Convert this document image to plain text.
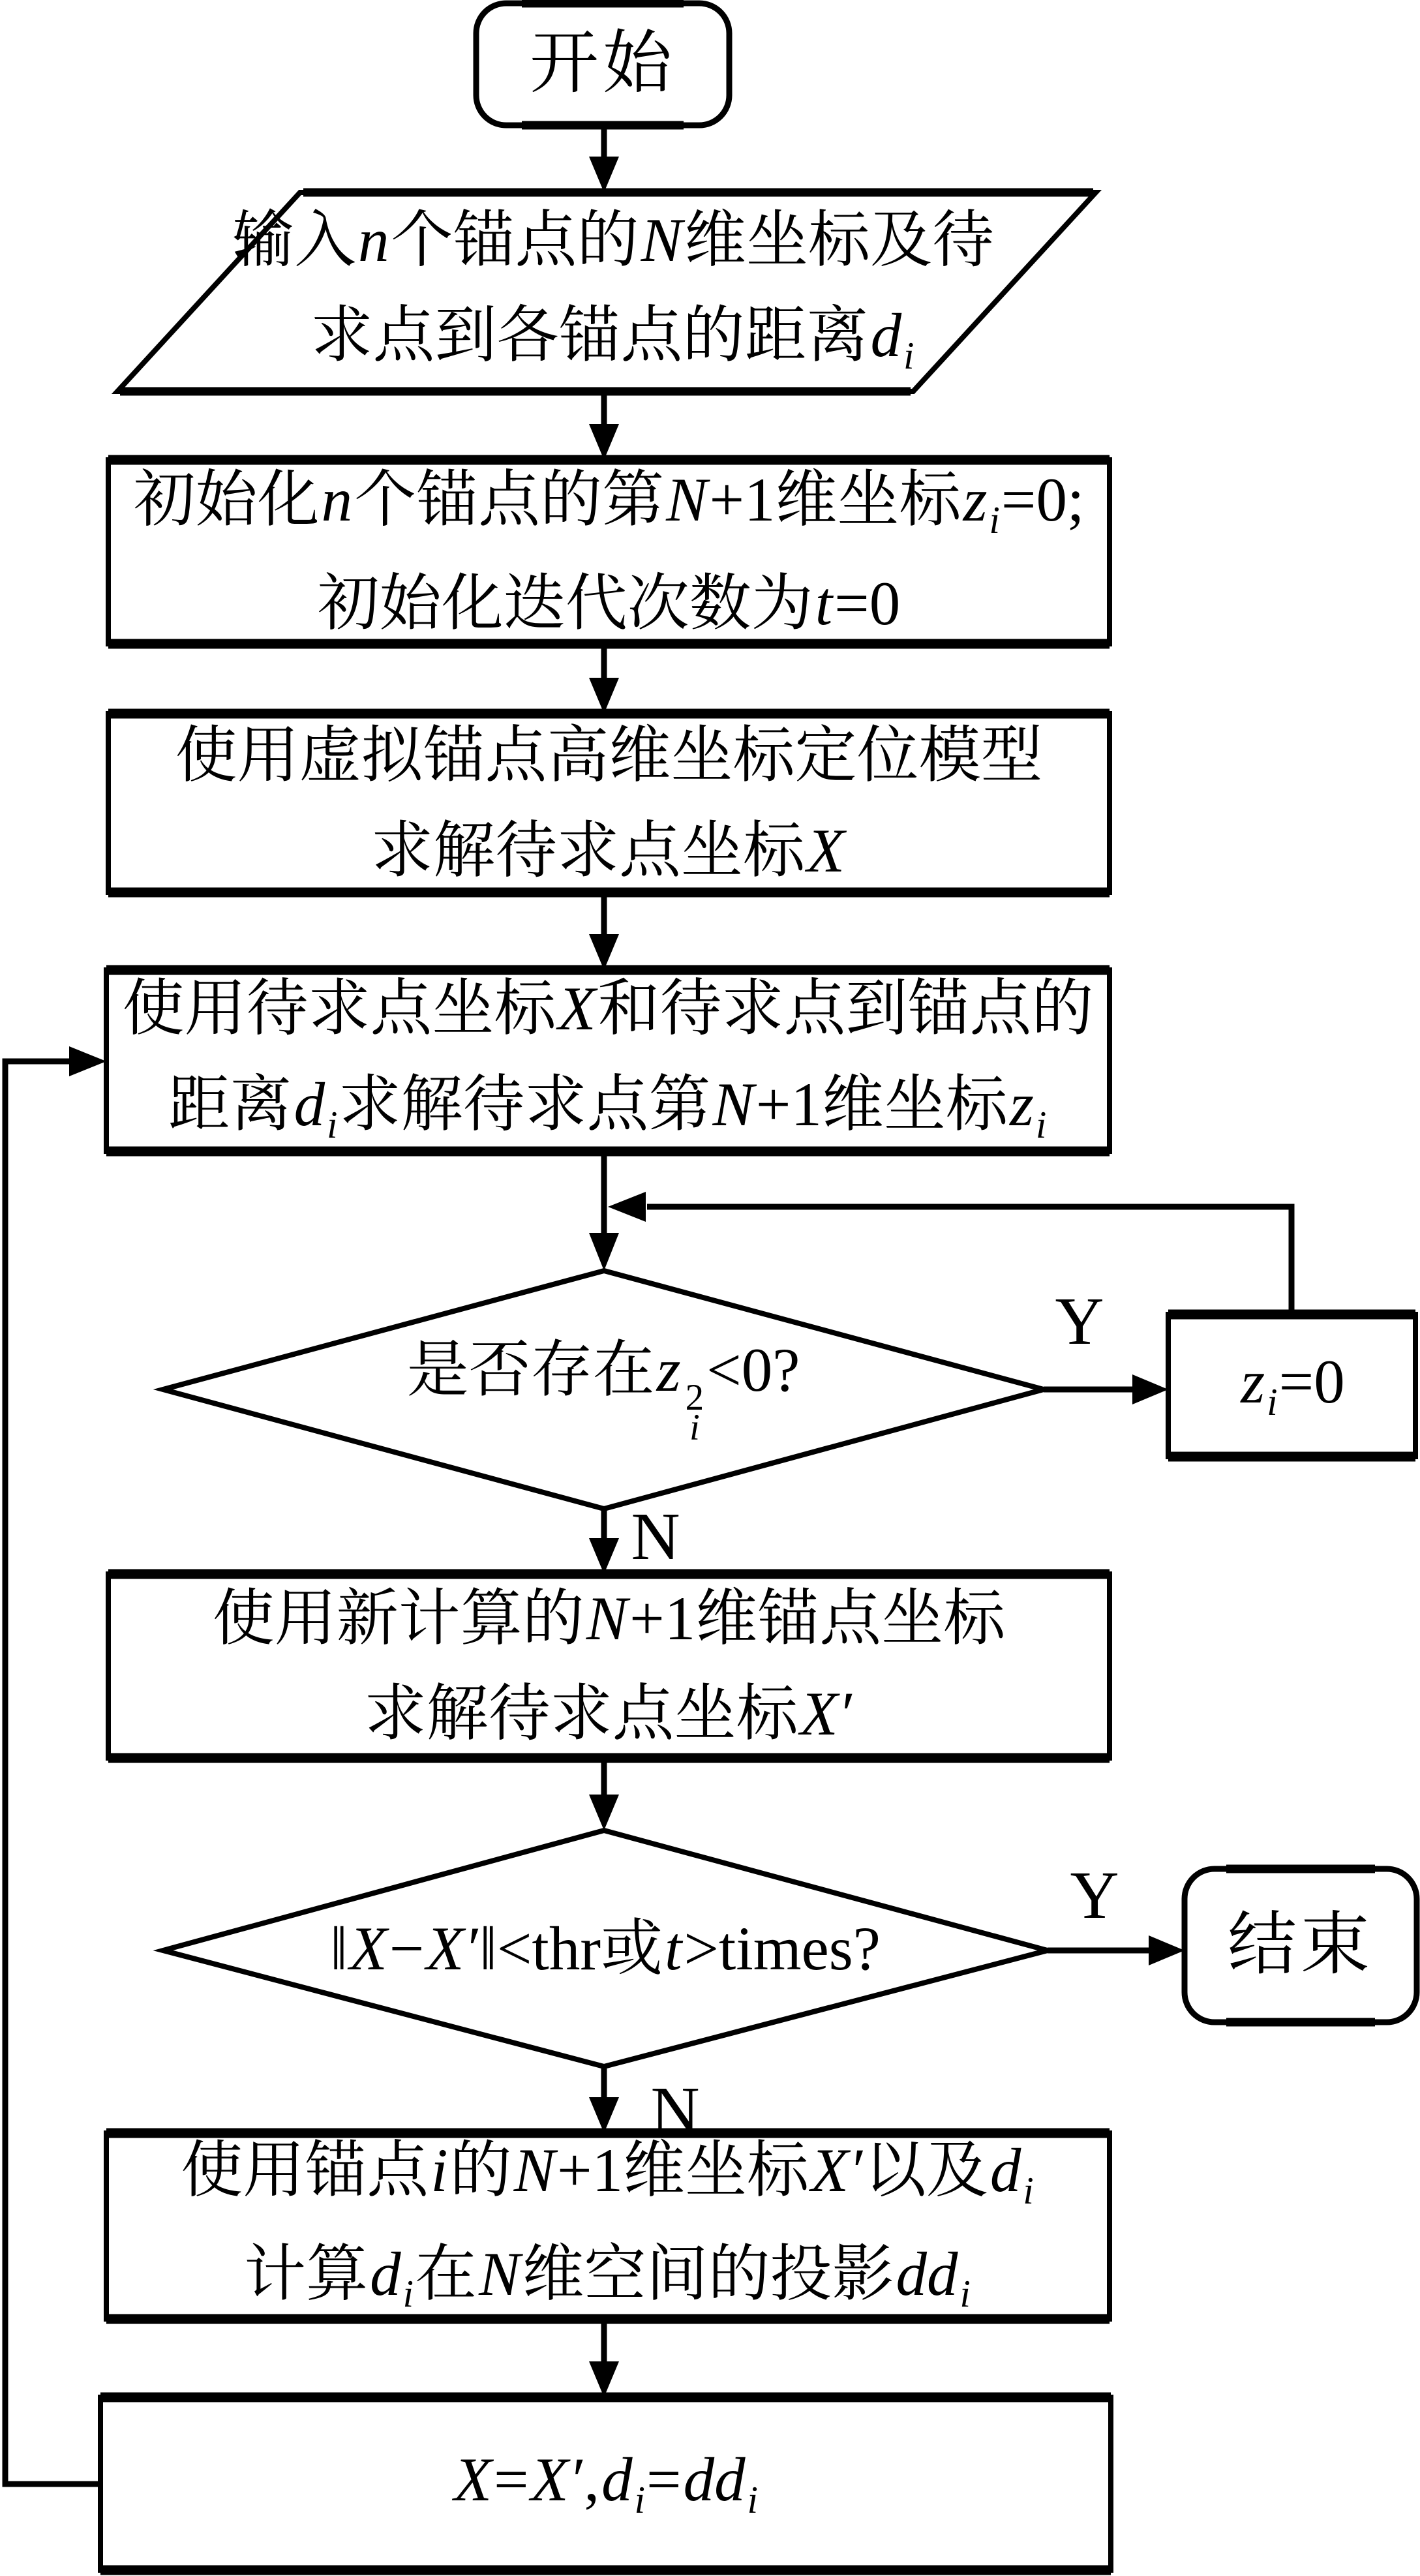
开始
输入n个锚点的N维坐标及待
求点到各锚点的距离di
初始化n个锚点的第N+1维坐标zi=0;
初始化迭代次数为t=0
使用虚拟锚点高维坐标定位模型
求解待求点坐标X
使用待求点坐标X和待求点到锚点的
距离di求解待求点第N+1维坐标zi
是否存在z 2
i
<0?	zi=0
使用新计算的N+1维锚点坐标
求解待求点坐标X′
‖X−X′‖<thr或t>times?	结束
使用锚点i的N+1维坐标X′以及di
计算di在N维空间的投影ddi
X=X′,di=ddi
Y
N
Y
N
